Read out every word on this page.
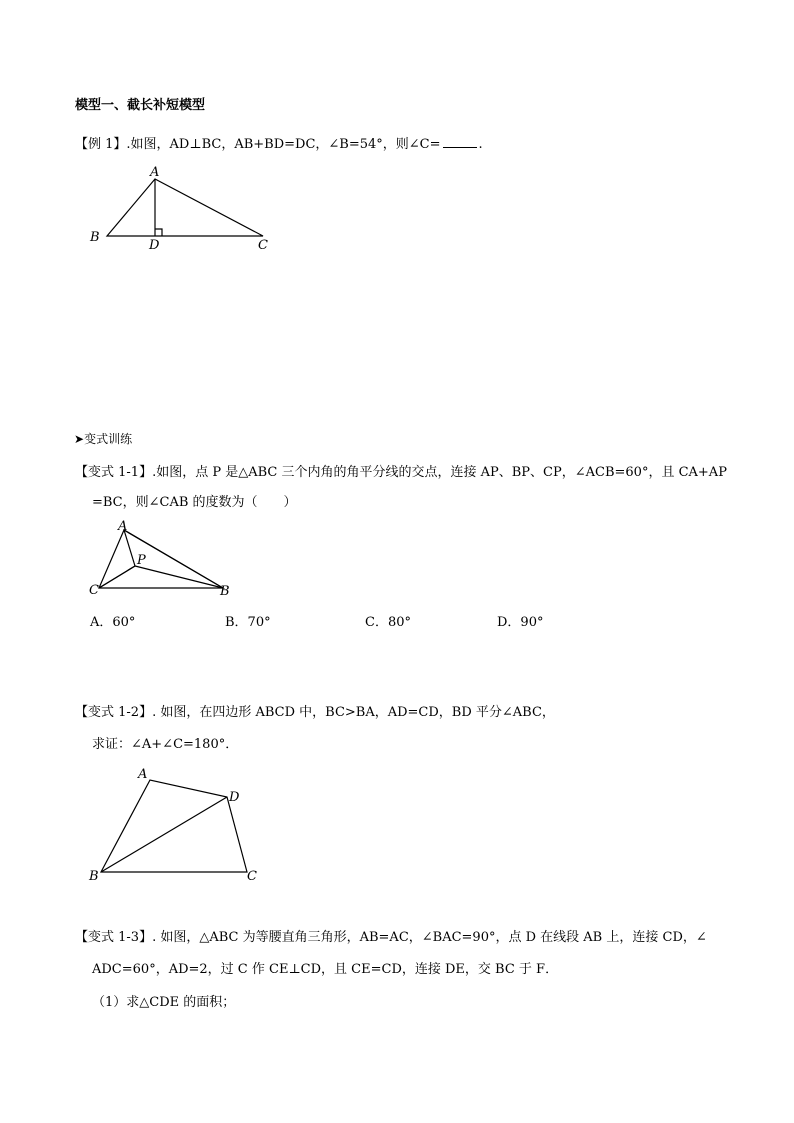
模型一、截长补短模型
【例 1】.如图，AD⊥BC，AB+BD=DC，∠B=54°，则∠C=	.
A
B
D	C
➤变式训练
【变式 1-1】.如图，点 P 是△ABC 三个内角的角平分线的交点，连接 AP、BP、CP，∠ACB=60°，且 CA+AP
=BC，则∠CAB 的度数为（　　）
A
P
C	B
A．60°	B．70°	C．80°	D．90°
【变式 1-2】. 如图，在四边形 ABCD 中，BC>BA，AD=CD，BD 平分∠ABC，
求证：∠A+∠C=180°．
A
D
B	C
【变式 1-3】. 如图，△ABC 为等腰直角三角形，AB=AC，∠BAC=90°，点 D 在线段 AB 上，连接 CD，∠
ADC=60°，AD=2，过 C 作 CE⊥CD，且 CE=CD，连接 DE，交 BC 于 F．
（1）求△CDE 的面积；
